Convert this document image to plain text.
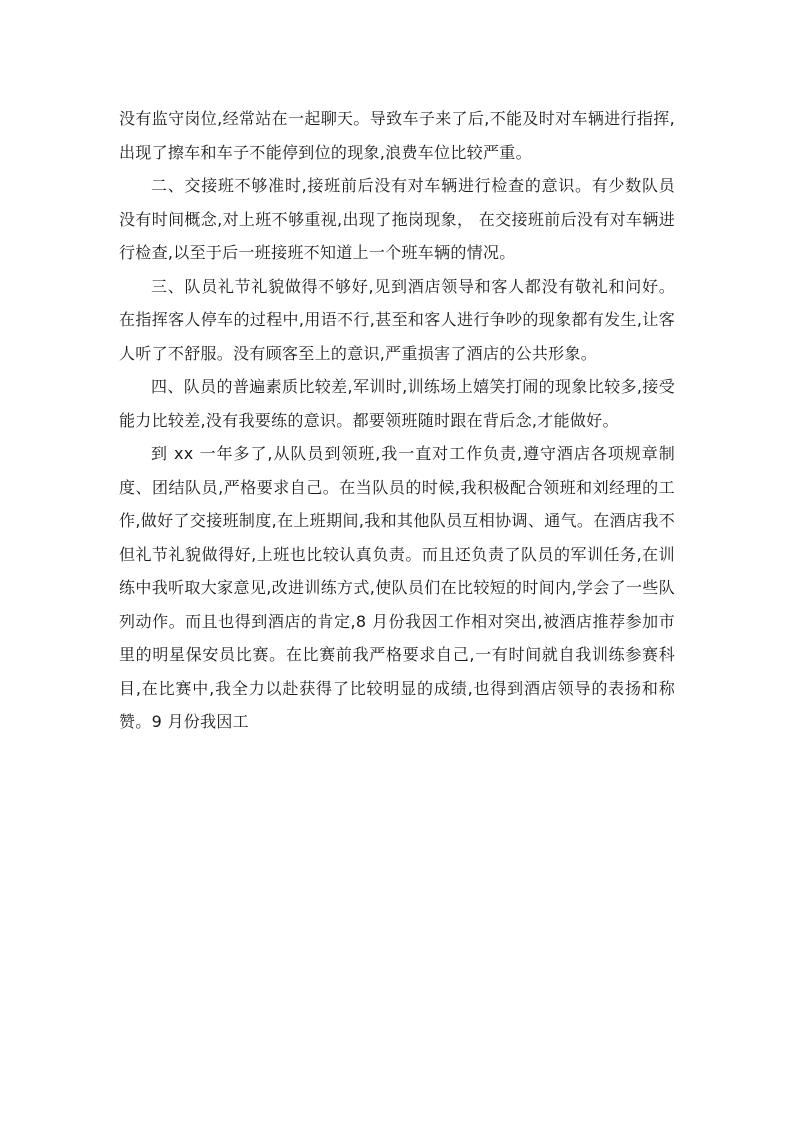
没有监守岗位,经常站在一起聊天。导致车子来了后,不能及时对车辆进行指挥,出现了擦车和车子不能停到位的现象,浪费车位比较严重。

二、交接班不够准时,接班前后没有对车辆进行检查的意识。有少数队员没有时间概念,对上班不够重视,出现了拖岗现象， 在交接班前后没有对车辆进行检查,以至于后一班接班不知道上一个班车辆的情况。

三、队员礼节礼貌做得不够好,见到酒店领导和客人都没有敬礼和问好。在指挥客人停车的过程中,用语不行,甚至和客人进行争吵的现象都有发生,让客人听了不舒服。没有顾客至上的意识,严重损害了酒店的公共形象。

四、队员的普遍素质比较差,军训时,训练场上嬉笑打闹的现象比较多,接受能力比较差,没有我要练的意识。都要领班随时跟在背后念,才能做好。

到 xx 一年多了,从队员到领班,我一直对工作负责,遵守酒店各项规章制度、团结队员,严格要求自己。在当队员的时候,我积极配合领班和刘经理的工作,做好了交接班制度,在上班期间,我和其他队员互相协调、通气。在酒店我不但礼节礼貌做得好,上班也比较认真负责。而且还负责了队员的军训任务,在训练中我听取大家意见,改进训练方式,使队员们在比较短的时间内,学会了一些队列动作。而且也得到酒店的肯定,8 月份我因工作相对突出,被酒店推荐参加市里的明星保安员比赛。在比赛前我严格要求自己,一有时间就自我训练参赛科目,在比赛中,我全力以赴获得了比较明显的成绩,也得到酒店领导的表扬和称赞。9 月份我因工
